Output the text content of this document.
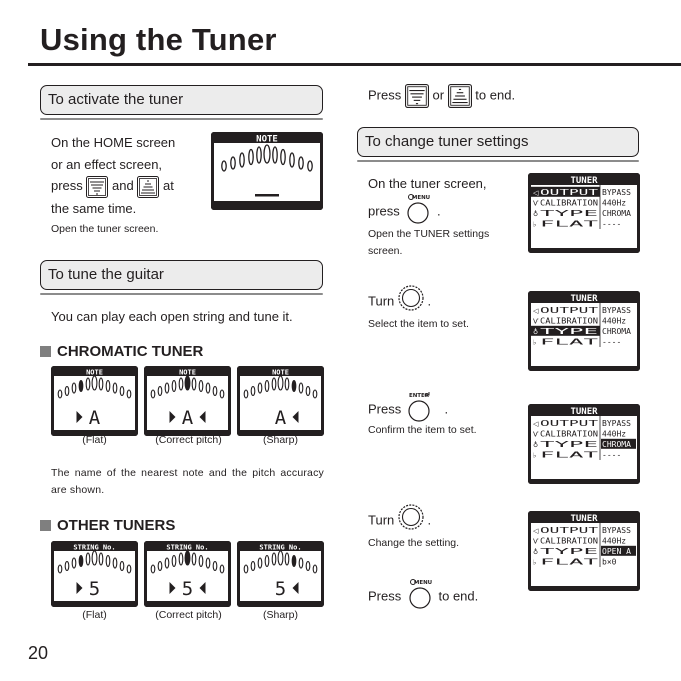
Using the Tuner
To activate the tuner
On the HOME screen
or an effect screen,
press and at
the same time.
Open the tuner screen.
NOTE
To tune the guitar
You can play each open string and tune it.
CHROMATIC TUNER
NOTE
A
NOTE
A
NOTE
A
(Flat)	(Correct pitch)	(Sharp)
The name of the nearest note and the pitch accuracy are shown.
OTHER TUNERS
STRING No.
5
STRING No.
5
STRING No.
5
(Flat)	(Correct pitch)	(Sharp)
20
Press or to end.
To change tuner settings
On the tuner screen,
press
MENU
.
Open the TUNER settings screen.
Turn	.
Select the item to set.
Press
ENTER
.
Confirm the item to set.
Turn	.
Change the setting.
Press
MENU
to end.
TUNER
◁ OUTPUT BYPASS
Ѵ CALIBRATION 440Hz
♁ TYPE CHROMA
♭ FLAT ----
TUNER
◁ OUTPUT BYPASS
Ѵ CALIBRATION 440Hz
♁ TYPE CHROMA
♭ FLAT ----
TUNER
◁ OUTPUT BYPASS
Ѵ CALIBRATION 440Hz
♁ TYPE CHROMA
♭ FLAT ----
TUNER
◁ OUTPUT BYPASS
Ѵ CALIBRATION 440Hz
♁ TYPE OPEN A
♭ FLAT b×0
